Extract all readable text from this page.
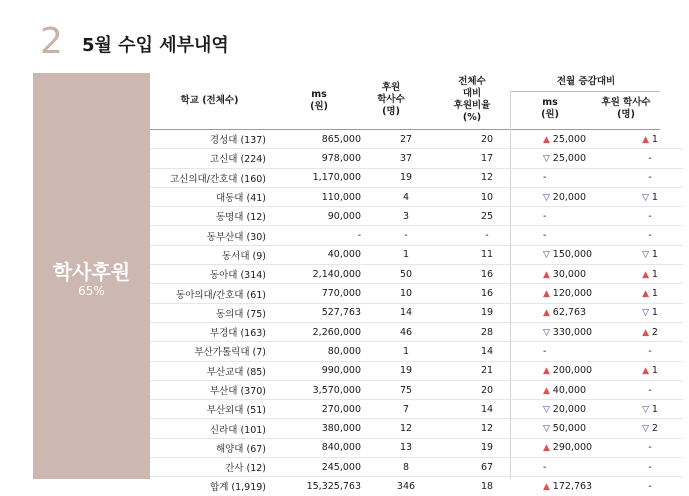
2 5월 수입 세부내역
학사후원
65%
학교 (전체수)
ms
(원)
후원
학사수
(명)
전체수
대비
후원비율
(%)
전월 증감대비
ms
(원)
후원 학사수
(명)
경성대 (137)	865,000	27	20	▲ 25,000	▲ 1
고신대 (224)	978,000	37	17	▽ 25,000	-
고신의대/간호대 (160)	1,170,000	19	12	-	-
대동대 (41)	110,000	4	10	▽ 20,000	▽ 1
동명대 (12)	90,000	3	25	-	-
동부산대 (30)	-	-	-	-	-
동서대 (9)	40,000	1	11	▽ 150,000	▽ 1
동아대 (314)	2,140,000	50	16	▲ 30,000	▲ 1
동아의대/간호대 (61)	770,000	10	16	▲ 120,000	▲ 1
동의대 (75)	527,763	14	19	▲ 62,763	▽ 1
부경대 (163)	2,260,000	46	28	▽ 330,000	▲ 2
부산가톨릭대 (7)	80,000	1	14	-	-
부산교대 (85)	990,000	19	21	▲ 200,000	▲ 1
부산대 (370)	3,570,000	75	20	▲ 40,000	-
부산외대 (51)	270,000	7	14	▽ 20,000	▽ 1
신라대 (101)	380,000	12	12	▽ 50,000	▽ 2
해양대 (67)	840,000	13	19	▲ 290,000	-
간사 (12)	245,000	8	67	-	-
합계 (1,919)	15,325,763	346	18	▲ 172,763	-
